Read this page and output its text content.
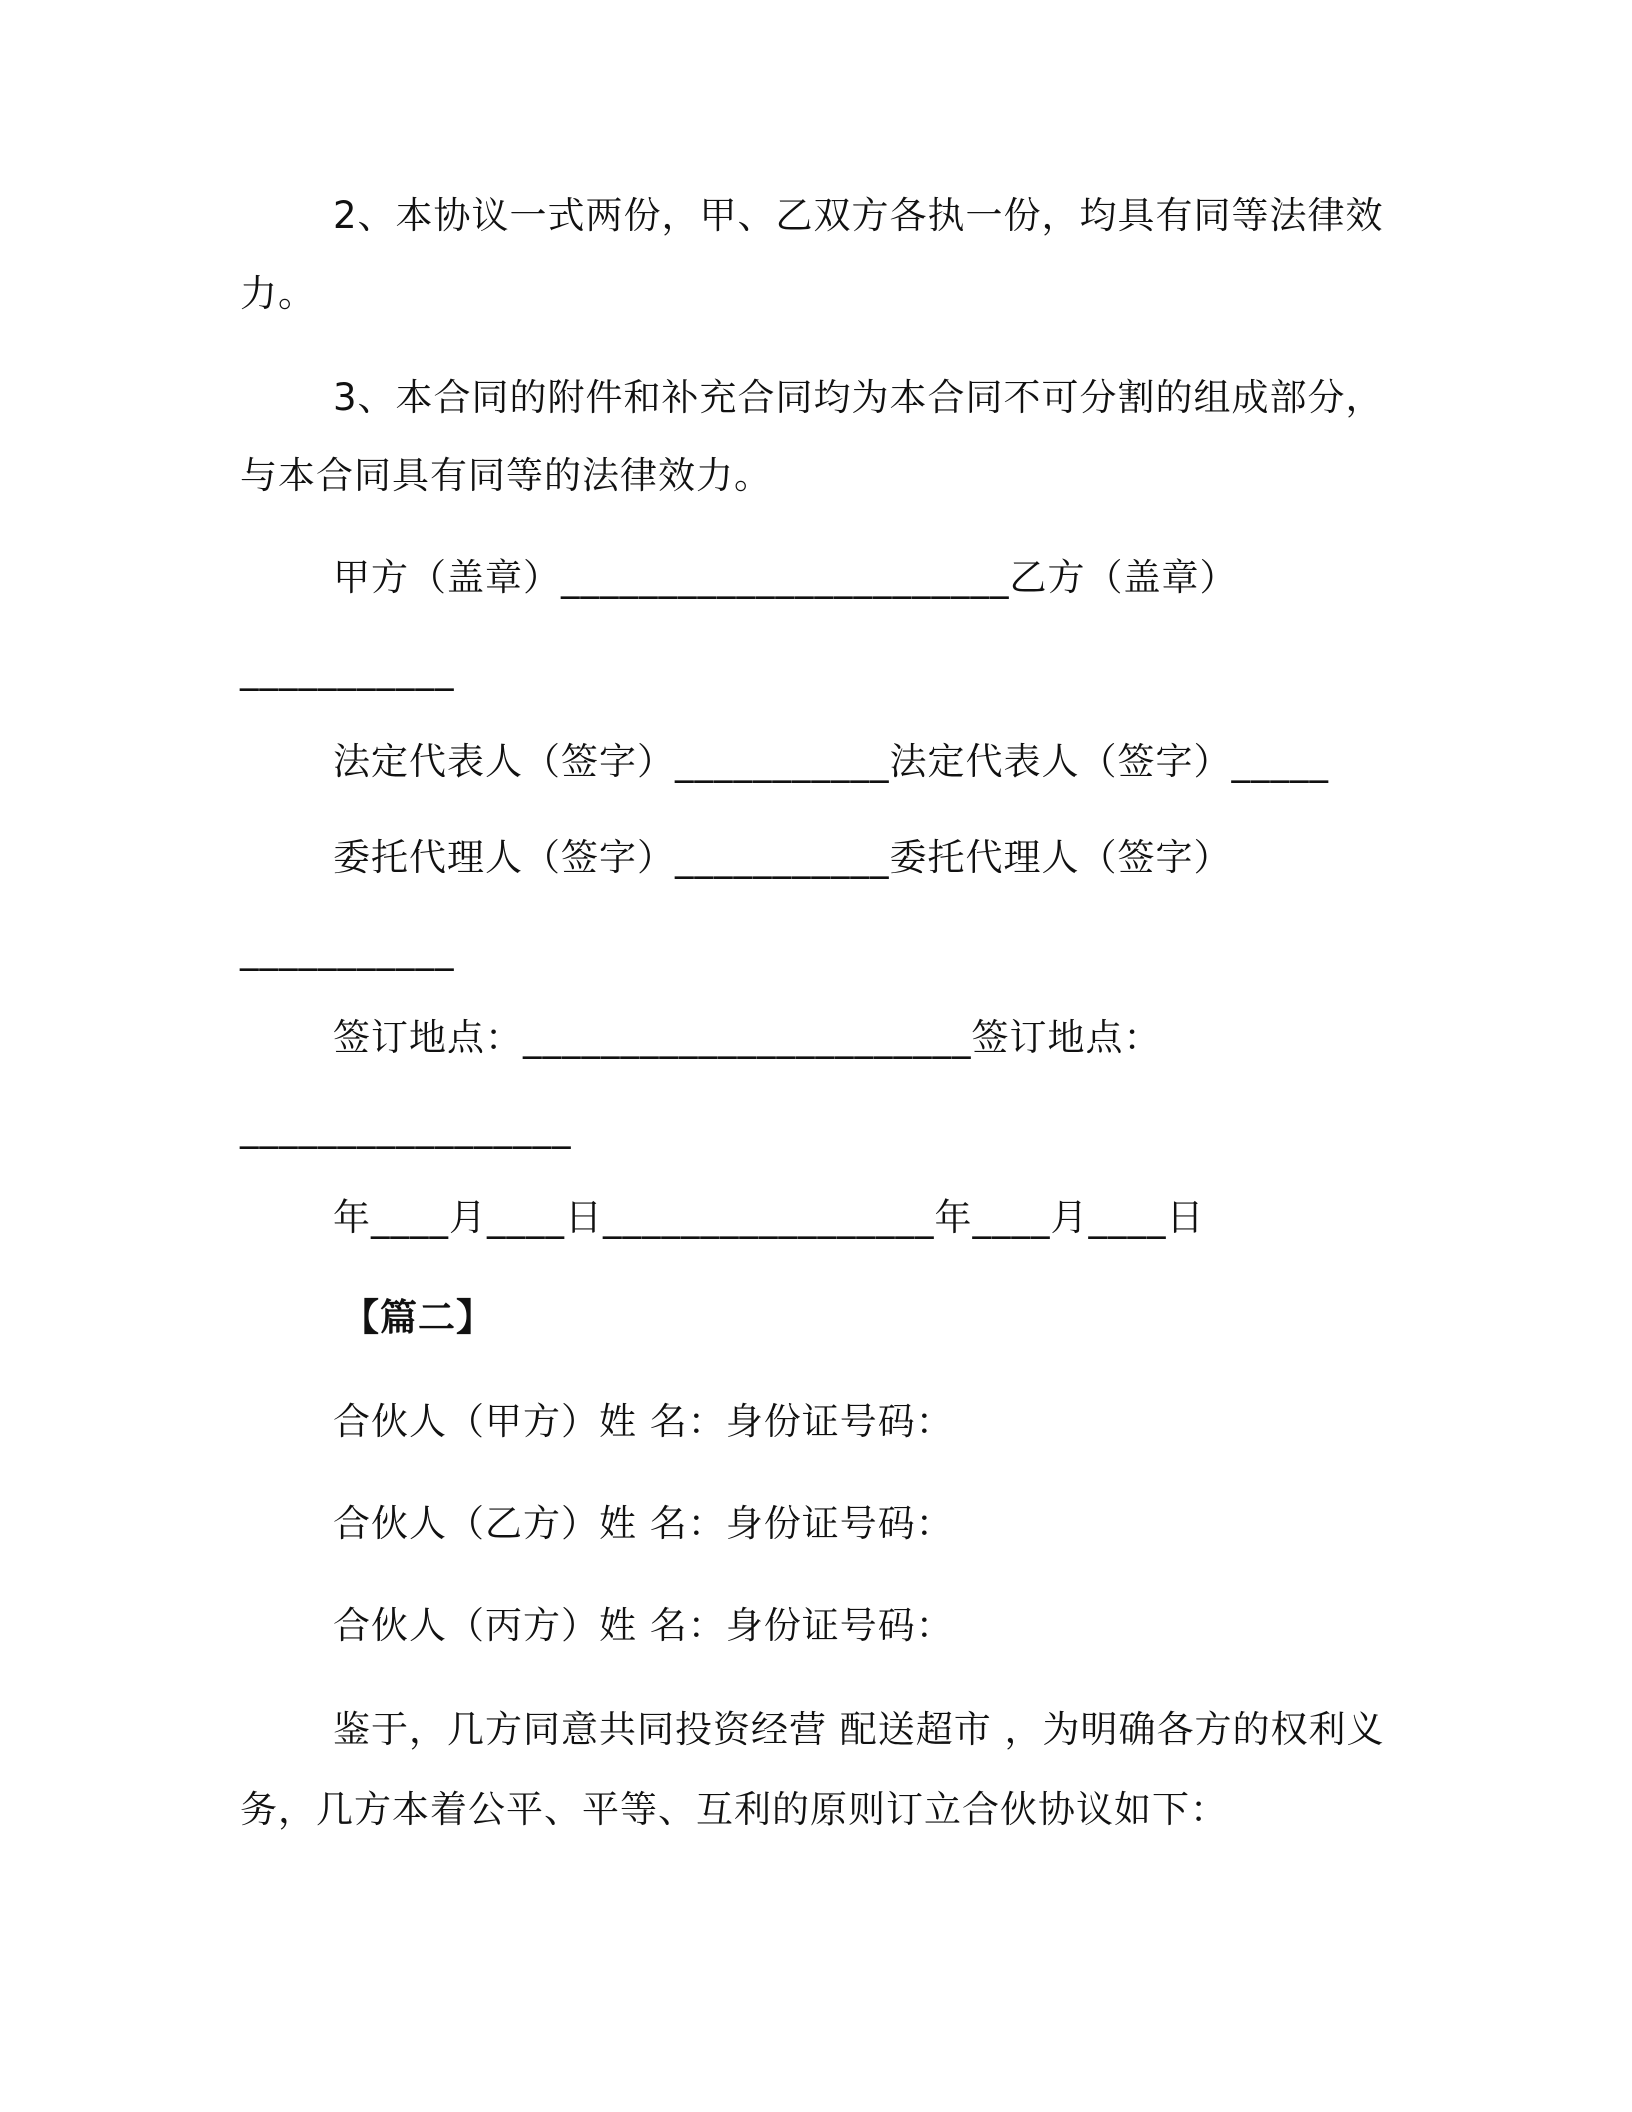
2、本协议一式两份，甲、乙双方各执一份，均具有同等法律效
力。
3、本合同的附件和补充合同均为本合同不可分割的组成部分，
与本合同具有同等的法律效力。
甲方（盖章）_______________________乙方（盖章）
___________
法定代表人（签字）___________法定代表人（签字）_____
委托代理人（签字）___________委托代理人（签字）
___________
签订地点：_______________________签订地点：
_________________
年____月____日_________________年____月____日
【篇二】
合伙人（甲方）姓 名：身份证号码：
合伙人（乙方）姓 名：身份证号码：
合伙人（丙方）姓 名：身份证号码：
鉴于，几方同意共同投资经营 配送超市 ，为明确各方的权利义
务，几方本着公平、平等、互利的原则订立合伙协议如下：
